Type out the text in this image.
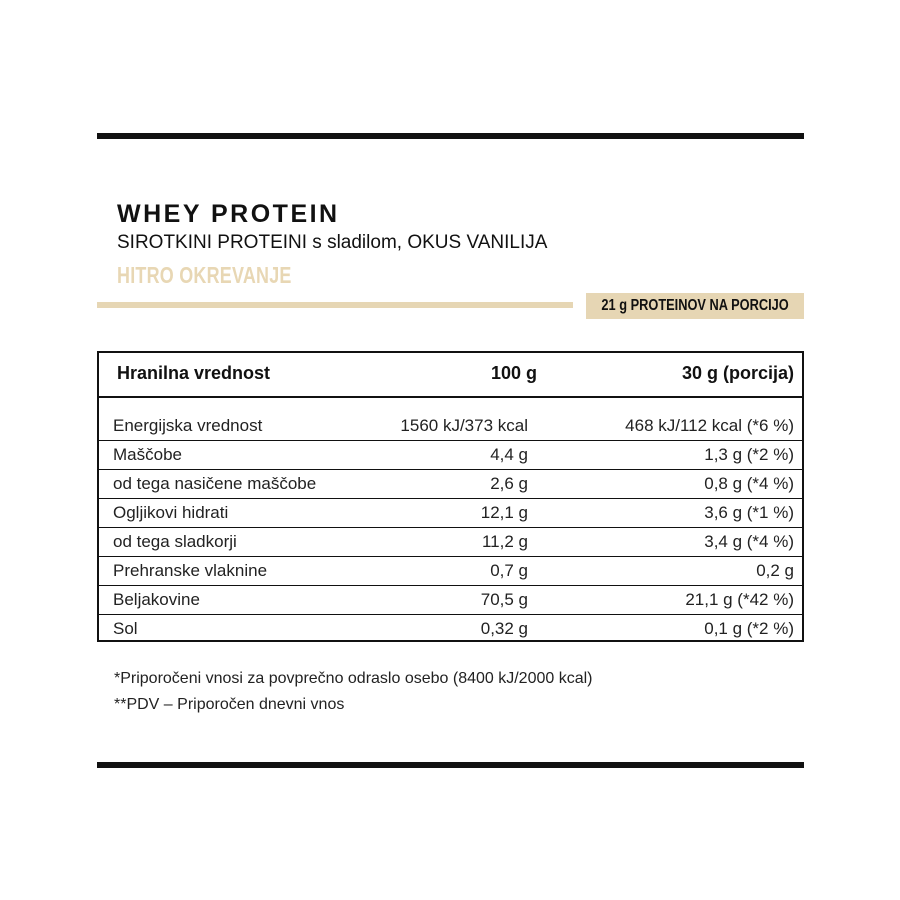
WHEY PROTEIN
SIROTKINI PROTEINI s sladilom, OKUS VANILIJA
HITRO OKREVANJE
21 g PROTEINOV NA PORCIJO
Hranilna vrednost	100 g	30 g (porcija)
Energijska vrednost	1560 kJ/373 kcal	468 kJ/112 kcal (*6 %)
Maščobe	4,4 g	1,3 g (*2 %)
od tega nasičene maščobe	2,6 g	0,8 g (*4 %)
Ogljikovi hidrati	12,1 g	3,6 g (*1 %)
od tega sladkorji	11,2 g	3,4 g (*4 %)
Prehranske vlaknine	0,7 g	0,2 g
Beljakovine	70,5 g	21,1 g (*42 %)
Sol	0,32 g	0,1 g (*2 %)
*Priporočeni vnosi za povprečno odraslo osebo (8400 kJ/2000 kcal)
**PDV – Priporočen dnevni vnos
